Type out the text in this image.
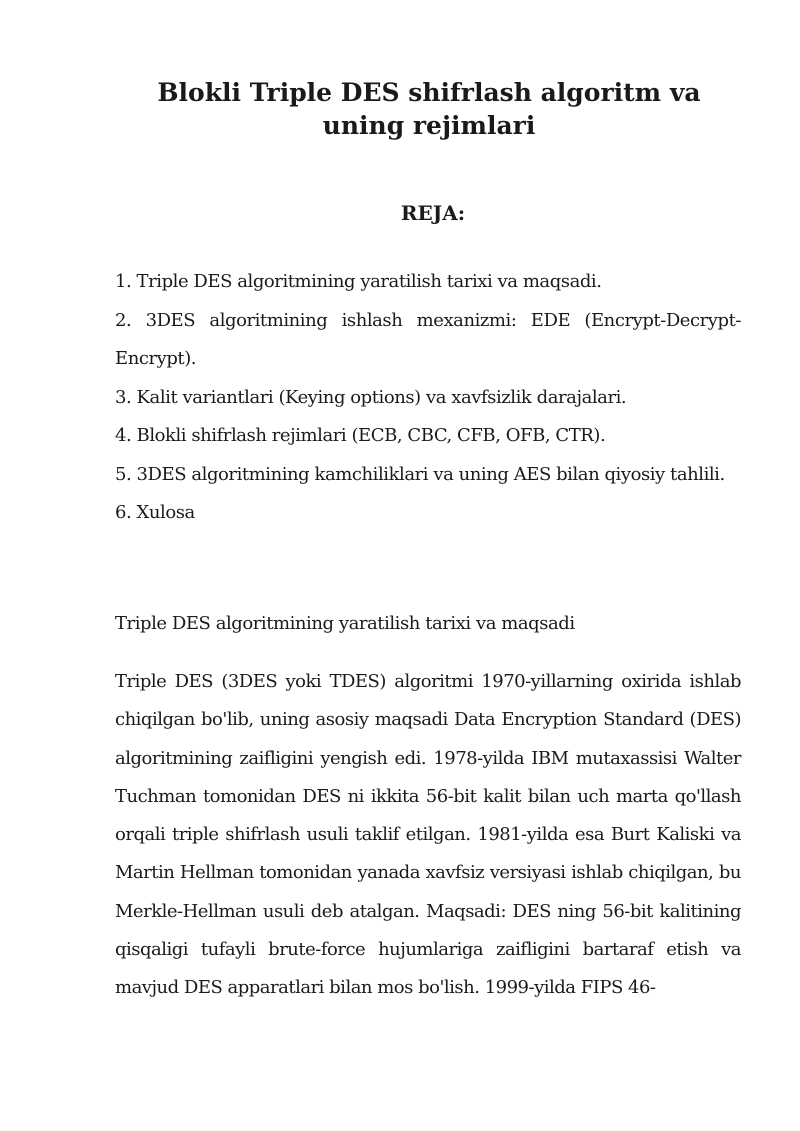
Blokli Triple DES shifrlash algoritm va uning rejimlari
REJA:
1. Triple DES algoritmining yaratilish tarixi va maqsadi.
2. 3DES algoritmining ishlash mexanizmi: EDE (Encrypt-Decrypt-Encrypt).
3. Kalit variantlari (Keying options) va xavfsizlik darajalari.
4. Blokli shifrlash rejimlari (ECB, CBC, CFB, OFB, CTR).
5. 3DES algoritmining kamchiliklari va uning AES bilan qiyosiy tahlili.
6. Xulosa

Triple DES algoritmining yaratilish tarixi va maqsadi

Triple DES (3DES yoki TDES) algoritmi 1970-yillarning oxirida ishlab chiqilgan bo'lib, uning asosiy maqsadi Data Encryption Standard (DES) algoritmining zaifligini yengish edi. 1978-yilda IBM mutaxassisi Walter Tuchman tomonidan DES ni ikkita 56-bit kalit bilan uch marta qo'llash orqali triple shifrlash usuli taklif etilgan. 1981-yilda esa Burt Kaliski va Martin Hellman tomonidan yanada xavfsiz versiyasi ishlab chiqilgan, bu Merkle-Hellman usuli deb atalgan. Maqsadi: DES ning 56-bit kalitining qisqaligi tufayli brute-force hujumlariga zaifligini bartaraf etish va mavjud DES apparatlari bilan mos bo'lish. 1999-yilda FIPS 46-
